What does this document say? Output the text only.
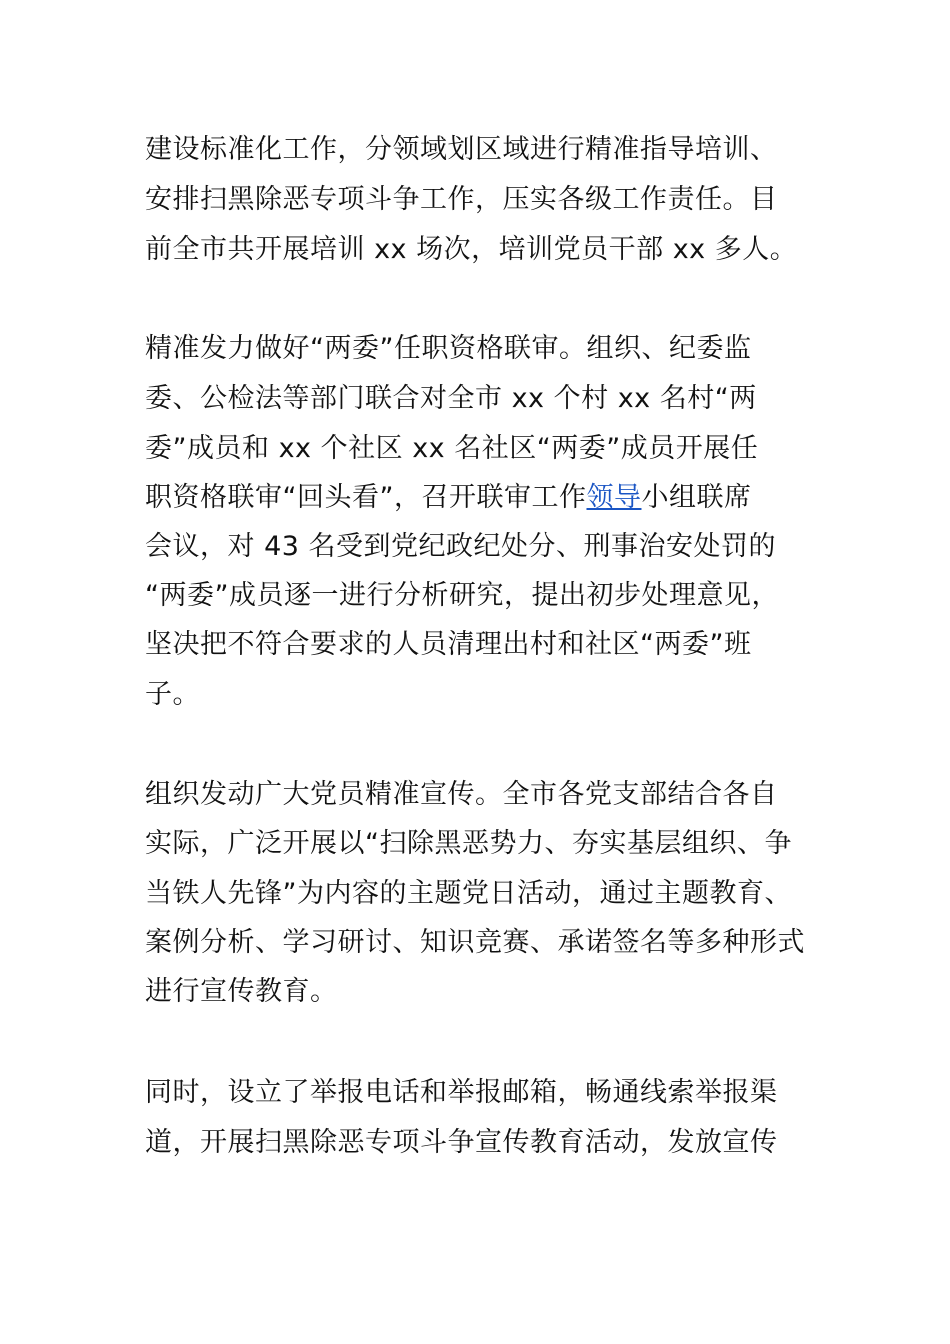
建设标准化工作，分领域划区域进行精准指导培训、
安排扫黑除恶专项斗争工作，压实各级工作责任。目
前全市共开展培训 xx 场次，培训党员干部 xx 多人。
精准发力做好“两委”任职资格联审。组织、纪委监
委、公检法等部门联合对全市 xx 个村 xx 名村“两
委”成员和 xx 个社区 xx 名社区“两委”成员开展任
职资格联审“回头看”，召开联审工作领导小组联席
会议，对 43 名受到党纪政纪处分、刑事治安处罚的
“两委”成员逐一进行分析研究，提出初步处理意见，
坚决把不符合要求的人员清理出村和社区“两委”班
子。
组织发动广大党员精准宣传。全市各党支部结合各自
实际，广泛开展以“扫除黑恶势力、夯实基层组织、争
当铁人先锋”为内容的主题党日活动，通过主题教育、
案例分析、学习研讨、知识竞赛、承诺签名等多种形式
进行宣传教育。
同时，设立了举报电话和举报邮箱，畅通线索举报渠
道，开展扫黑除恶专项斗争宣传教育活动，发放宣传
